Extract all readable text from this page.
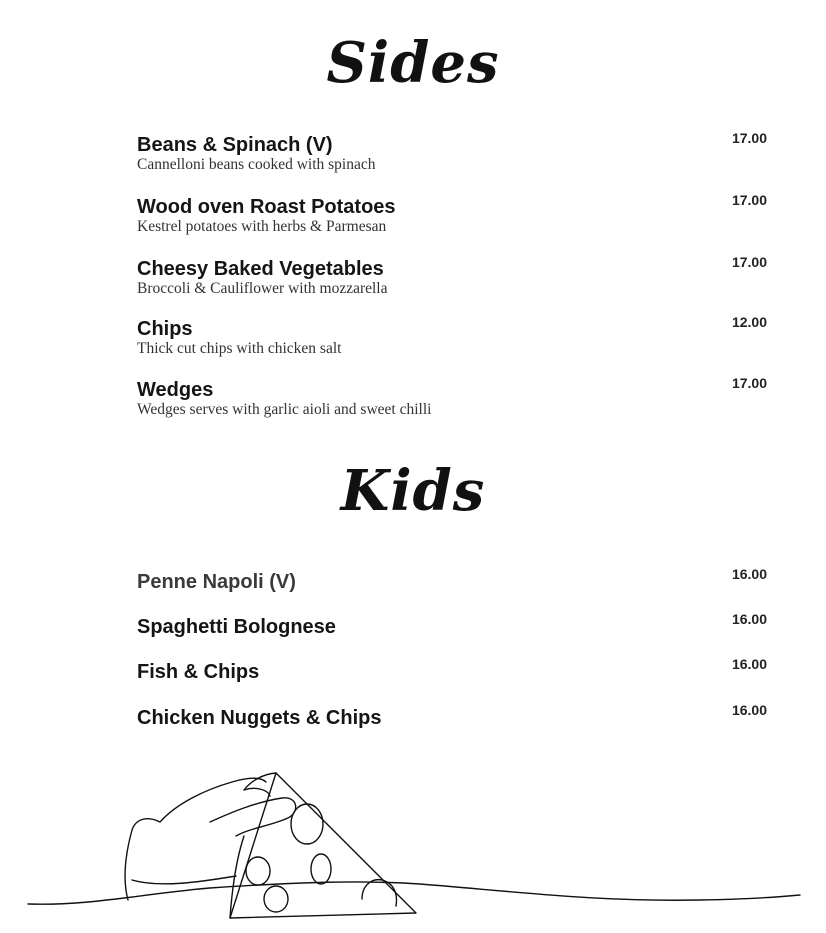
Sides
Beans & Spinach (V)
Cannelloni beans cooked with spinach
17.00
Wood oven Roast Potatoes
Kestrel potatoes with herbs & Parmesan
17.00
Cheesy Baked Vegetables
Broccoli & Cauliflower with mozzarella
17.00
Chips
Thick cut chips with chicken salt
12.00
Wedges
Wedges serves with garlic aioli and sweet chilli
17.00
Kids
Penne Napoli (V)	16.00
Spaghetti Bolognese	16.00
Fish & Chips	16.00
Chicken Nuggets & Chips	16.00
